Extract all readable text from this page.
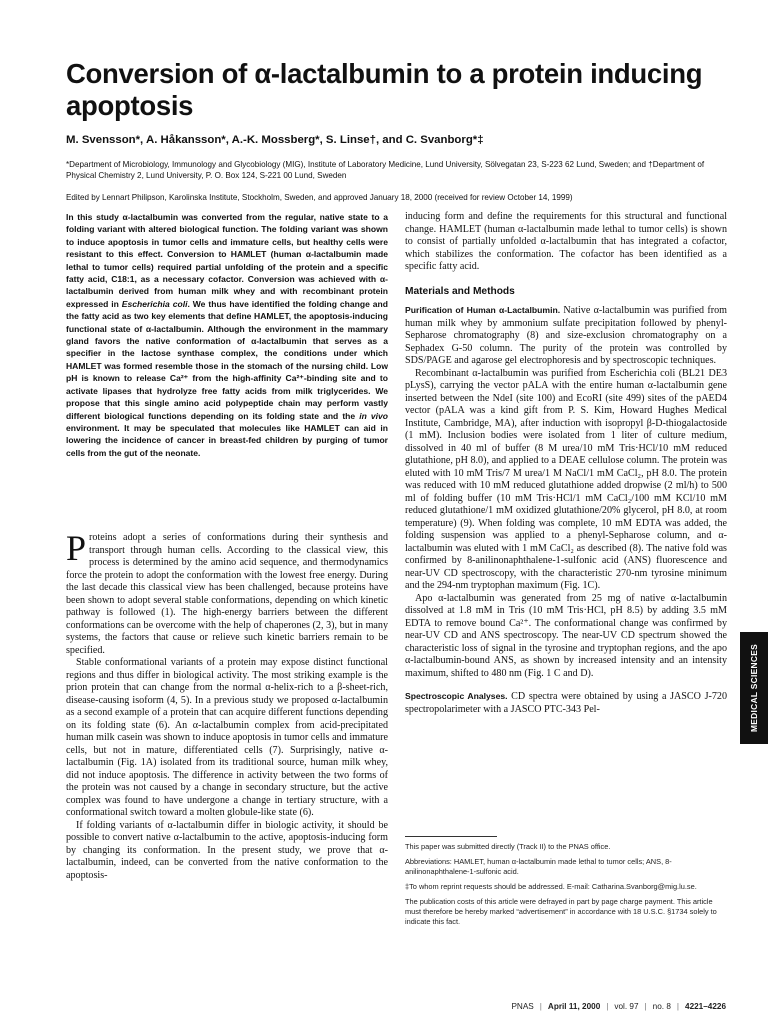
Conversion of α-lactalbumin to a protein inducing apoptosis
M. Svensson*, A. Håkansson*, A.-K. Mossberg*, S. Linse†, and C. Svanborg*‡
*Department of Microbiology, Immunology and Glycobiology (MIG), Institute of Laboratory Medicine, Lund University, Sölvegatan 23, S-223 62 Lund, Sweden; and †Department of Physical Chemistry 2, Lund University, P. O. Box 124, S-221 00 Lund, Sweden
Edited by Lennart Philipson, Karolinska Institute, Stockholm, Sweden, and approved January 18, 2000 (received for review October 14, 1999)
In this study α-lactalbumin was converted from the regular, native state to a folding variant with altered biological function. The folding variant was shown to induce apoptosis in tumor cells and immature cells, but healthy cells were resistant to this effect. Conversion to HAMLET (human α-lactalbumin made lethal to tumor cells) required partial unfolding of the protein and a specific fatty acid, C18:1, as a necessary cofactor. Conversion was achieved with α-lactalbumin derived from human milk whey and with recombinant protein expressed in Escherichia coli. We thus have identified the folding change and the fatty acid as two key elements that define HAMLET, the apoptosis-inducing functional state of α-lactalbumin. Although the environment in the mammary gland favors the native conformation of α-lactalbumin that serves as a specifier in the lactose synthase complex, the conditions under which HAMLET was formed resemble those in the stomach of the nursing child. Low pH is known to release Ca²⁺ from the high-affinity Ca²⁺-binding site and to activate lipases that hydrolyze free fatty acids from milk triglycerides. We propose that this single amino acid polypeptide chain may perform vastly different biological functions depending on its folding state and the in vivo environment. It may be speculated that molecules like HAMLET can aid in lowering the incidence of cancer in breast-fed children by purging of tumor cells from the gut of the neonate.

Proteins adopt a series of conformations during their synthesis and transport through human cells. According to the classical view, this process is determined by the amino acid sequence, and thermodynamics force the protein to adopt the conformation with the lowest free energy. During the last decade this classical view has been challenged, because proteins have been shown to adopt several stable conformations, depending on which kinetic pathway is followed (1). The high-energy barriers between the different conformations can be overcome with the help of chaperones (2, 3), but in many systems, the factors that cause or relieve such kinetic barriers remain to be specified.

Stable conformational variants of a protein may expose distinct functional regions and thus differ in biological activity. The most striking example is the prion protein that can change from the normal α-helix-rich to a β-sheet-rich, disease-causing isoform (4, 5). In a previous study we proposed α-lactalbumin as a second example of a protein that can acquire different functions depending on its folding state (6). An α-lactalbumin complex from acid-precipitated human milk casein was shown to induce apoptosis in tumor cells and immature cells, but not in mature, differentiated cells (7). Surprisingly, native α-lactalbumin (Fig. 1A) isolated from its traditional source, human milk whey, did not induce apoptosis. The difference in activity between the two forms of the protein was not caused by a change in secondary structure, but the active complex was found to have undergone a change in tertiary structure, with a conformational switch toward a molten globule-like state (6).

If folding variants of α-lactalbumin differ in biologic activity, it should be possible to convert native α-lactalbumin to the active, apoptosis-inducing form by changing its conformation. In the present study, we prove that α-lactalbumin, indeed, can be converted from the native conformation to the apoptosis-

inducing form and define the requirements for this structural and functional change. HAMLET (human α-lactalbumin made lethal to tumor cells) is shown to consist of partially unfolded α-lactalbumin that has integrated a cofactor, which stabilizes the conformation. The cofactor has been identified as a specific fatty acid.

Materials and Methods

Purification of Human α-Lactalbumin. Native α-lactalbumin was purified from human milk whey by ammonium sulfate precipitation followed by phenyl-Sepharose chromatography (8) and size-exclusion chromatography on a Sephadex G-50 column. The purity of the protein was controlled by SDS/PAGE and agarose gel electrophoresis and by spectroscopic techniques.

Recombinant α-lactalbumin was purified from Escherichia coli (BL21 DE3 pLysS), carrying the vector pALA with the entire human α-lactalbumin gene inserted between the NdeI (site 100) and EcoRI (site 499) sites of the pAED4 vector (pALA was a kind gift from P. S. Kim, Howard Hughes Medical Institute, Cambridge, MA), after induction with isopropyl β-D-thiogalactoside (1 mM). Inclusion bodies were isolated from 1 liter of culture medium, dissolved in 40 ml of buffer (8 M urea/10 mM Tris·HCl/10 mM reduced glutathione, pH 8.0), and applied to a DEAE cellulose column. The protein was eluted with 10 mM Tris/7 M urea/1 M NaCl/1 mM CaCl₂, pH 8.0. The protein was reduced with 10 mM reduced glutathione added dropwise (2 ml/h) to 500 ml of folding buffer (10 mM Tris·HCl/1 mM CaCl₂/100 mM KCl/10 mM reduced glutathione/1 mM oxidized glutathione/20% glycerol, pH 8.0, at room temperature) (9). When folding was complete, 10 mM EDTA was added, the folding suspension was applied to a phenyl-Sepharose column, and α-lactalbumin was eluted with 1 mM CaCl₂ as described (8). The native fold was confirmed by 8-anilinonaphthalene-1-sulfonic acid (ANS) fluorescence and near-UV CD spectroscopy, with the characteristic 270-nm tyrosine minimum and the 294-nm tryptophan maximum (Fig. 1C).

Apo α-lactalbumin was generated from 25 mg of native α-lactalbumin dissolved at 1.8 mM in Tris (10 mM Tris·HCl, pH 8.5) by adding 3.5 mM EDTA to remove bound Ca²⁺. The conformational change was confirmed by near-UV CD and ANS spectroscopy. The near-UV CD spectrum showed the characteristic loss of signal in the tyrosine and tryptophan regions, and the apo α-lactalbumin-bound ANS, as shown by increased intensity and an intensity maximum, shifted to 480 nm (Fig. 1 C and D).

Spectroscopic Analyses. CD spectra were obtained by using a JASCO J-720 spectropolarimeter with a JASCO PTC-343 Pel-

This paper was submitted directly (Track II) to the PNAS office.

Abbreviations: HAMLET, human α-lactalbumin made lethal to tumor cells; ANS, 8-anilinonaphthalene-1-sulfonic acid.

‡To whom reprint requests should be addressed. E-mail: Catharina.Svanborg@mig.lu.se.

The publication costs of this article were defrayed in part by page charge payment. This article must therefore be hereby marked “advertisement” in accordance with 18 U.S.C. §1734 solely to indicate this fact.

MEDICAL SCIENCES
PNAS | April 11, 2000 | vol. 97 | no. 8 | 4221–4226
